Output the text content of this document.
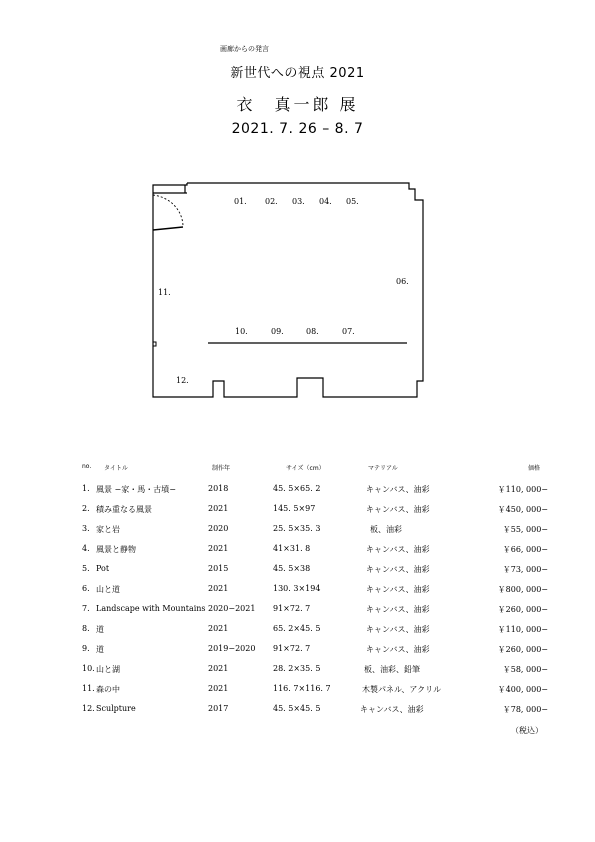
画廊からの発言
新世代への視点 2021
衣　真一郎 展
2021. 7. 26 – 8. 7
01. 02. 03. 04. 05.
06.
07.
08.
09.
10.
11.
12.
no. タイトル	制作年	サイズ（cm）	マテリアル	価格
1. 風景 −家・馬・古墳−	2018	45. 5×65. 2	キャンバス、油彩	￥110, 000−
2. 積み重なる風景	2021	145. 5×97	キャンバス、油彩	￥450, 000−
3. 家と岩	2020	25. 5×35. 3	板、油彩	￥55, 000−
4. 風景と静物	2021	41×31. 8	キャンバス、油彩	￥66, 000−
5. Pot	2015	45. 5×38	キャンバス、油彩	￥73, 000−
6. 山と道	2021	130. 3×194	キャンバス、油彩	￥800, 000−
7. Landscape with Mountains 2020−2021 91×72. 7	キャンバス、油彩	￥260, 000−
8. 道	2021	65. 2×45. 5	キャンバス、油彩	￥110, 000−
9. 道	2019−2020 91×72. 7	キャンバス、油彩	￥260, 000−
10. 山と湖	2021	28. 2×35. 5	板、油彩、鉛筆	￥58, 000−
11. 森の中	2021	116. 7×116. 7	木製パネル、アクリル	￥400, 000−
12. Sculpture	2017	45. 5×45. 5	キャンバス、油彩	￥78, 000−
（税込）
